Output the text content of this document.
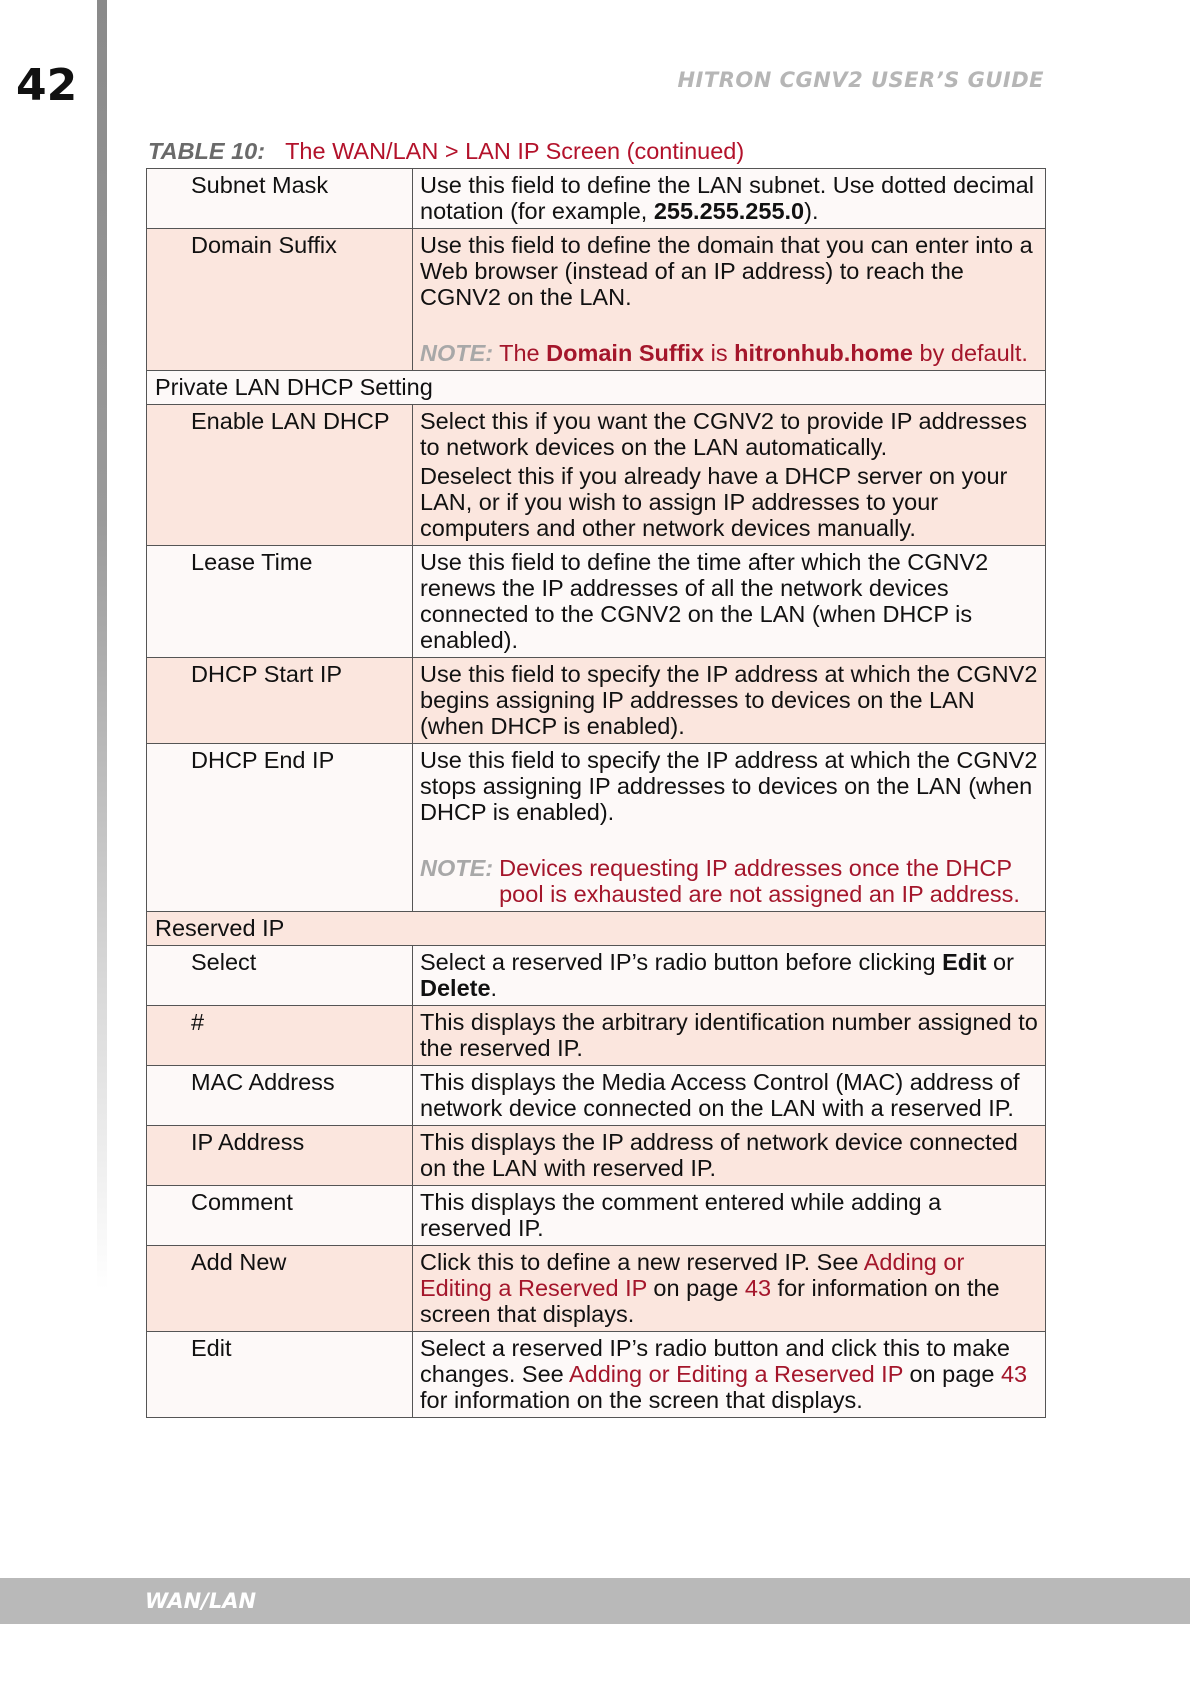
42	HITRON CGNV2 USER’S GUIDE
TABLE 10: The WAN/LAN > LAN IP Screen (continued)
Subnet Mask	Use this field to define the LAN subnet. Use dotted decimal notation (for example, 255.255.255.0).

Domain Suffix	Use this field to define the domain that you can enter into a Web browser (instead of an IP address) to reach the CGNV2 on the LAN.

NOTE: The Domain Suffix is hitronhub.home by default.

Private LAN DHCP Setting	
Enable LAN DHCP	Select this if you want the CGNV2 to provide IP addresses to network devices on the LAN automatically.

Deselect this if you already have a DHCP server on your LAN, or if you wish to assign IP addresses to your computers and other network devices manually.

Lease Time	Use this field to define the time after which the CGNV2 renews the IP addresses of all the network devices connected to the CGNV2 on the LAN (when DHCP is enabled).

DHCP Start IP	Use this field to specify the IP address at which the CGNV2 begins assigning IP addresses to devices on the LAN (when DHCP is enabled).

DHCP End IP	Use this field to specify the IP address at which the CGNV2 stops assigning IP addresses to devices on the LAN (when DHCP is enabled).

NOTE: Devices requesting IP addresses once the DHCP pool is exhausted are not assigned an IP address.

Reserved IP	
Select	Select a reserved IP’s radio button before clicking Edit or Delete.

#	This displays the arbitrary identification number assigned to the reserved IP.

MAC Address	This displays the Media Access Control (MAC) address of network device connected on the LAN with a reserved IP.

IP Address	This displays the IP address of network device connected on the LAN with reserved IP.

Comment	This displays the comment entered while adding a reserved IP.

Add New	Click this to define a new reserved IP. See Adding or Editing a Reserved IP on page 43 for information on the screen that displays.

Edit	Select a reserved IP’s radio button and click this to make changes. See Adding or Editing a Reserved IP on page 43 for information on the screen that displays.

WAN/LAN
